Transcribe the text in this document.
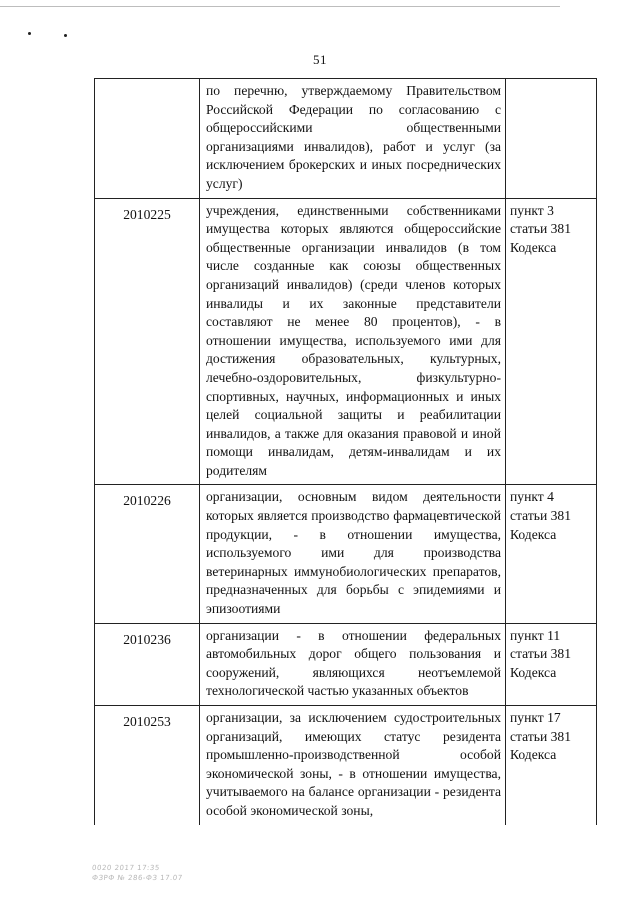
51
	по перечню, утверждаемому Правительством Российской Федерации по согласованию с общероссийскими общественными организациями инвалидов), работ и услуг (за исключением брокерских и иных посреднических услуг)	
2010225	учреждения, единственными собственниками имущества которых являются общероссийские общественные организации инвалидов (в том числе созданные как союзы общественных организаций инвалидов) (среди членов которых инвалиды и их законные представители составляют не менее 80 процентов), - в отношении имущества, используемого ими для достижения образовательных, культурных, лечебно-оздоровительных, физкультурно-спортивных, научных, информационных и иных целей социальной защиты и реабилитации инвалидов, а также для оказания правовой и иной помощи инвалидам, детям-инвалидам и их родителям	пункт 3 статьи 381 Кодекса
2010226	организации, основным видом деятельности которых является производство фармацевтической продукции, - в отношении имущества, используемого ими для производства ветеринарных иммунобиологических препаратов, предназначенных для борьбы с эпидемиями и эпизоотиями	пункт 4 статьи 381 Кодекса
2010236	организации - в отношении федеральных автомобильных дорог общего пользования и сооружений, являющихся неотъемлемой технологической частью указанных объектов	пункт 11 статьи 381 Кодекса
2010253	организации, за исключением судостроительных организаций, имеющих статус резидента промышленно-производственной особой экономической зоны, - в отношении имущества, учитываемого на балансе организации - резидента особой экономической зоны,	пункт 17 статьи 381 Кодекса
0020 2017 17:35
ФЗРФ № 286-ФЗ 17.07
